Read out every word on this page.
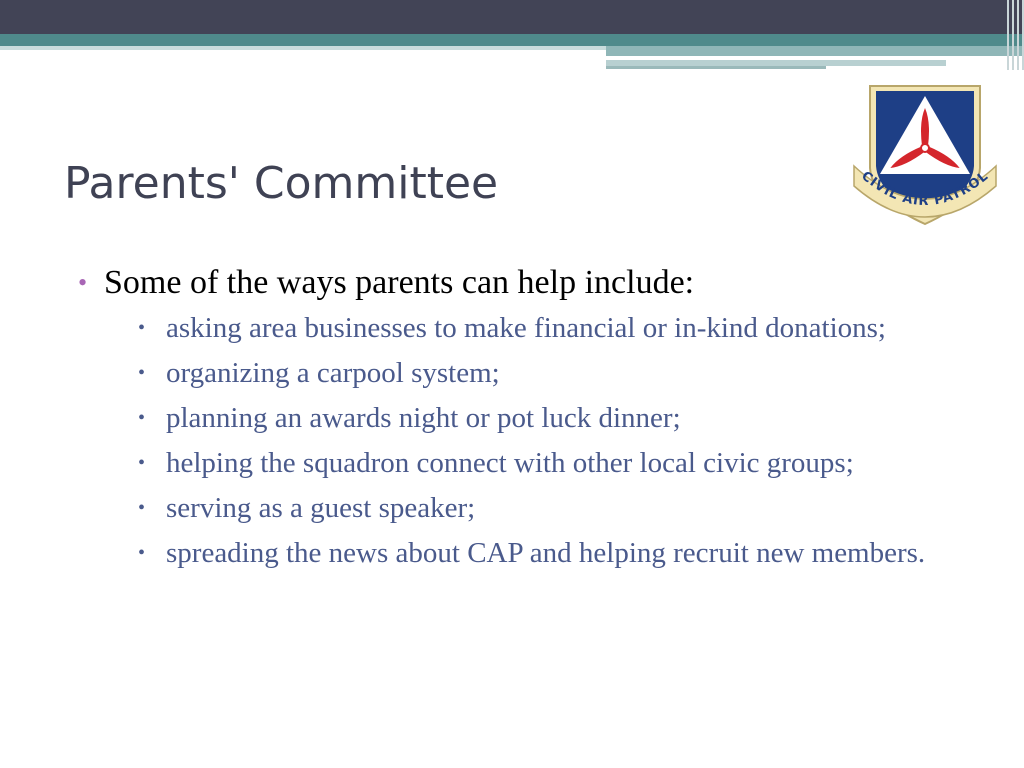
CIVIL AIR PATROL
Parents' Committee
• Some of the ways parents can help include:
• asking area businesses to make financial or in-kind donations;
• organizing a carpool system;
• planning an awards night or pot luck dinner;
• helping the squadron connect with other local civic groups;
• serving as a guest speaker;
• spreading the news about CAP and helping recruit new members.
